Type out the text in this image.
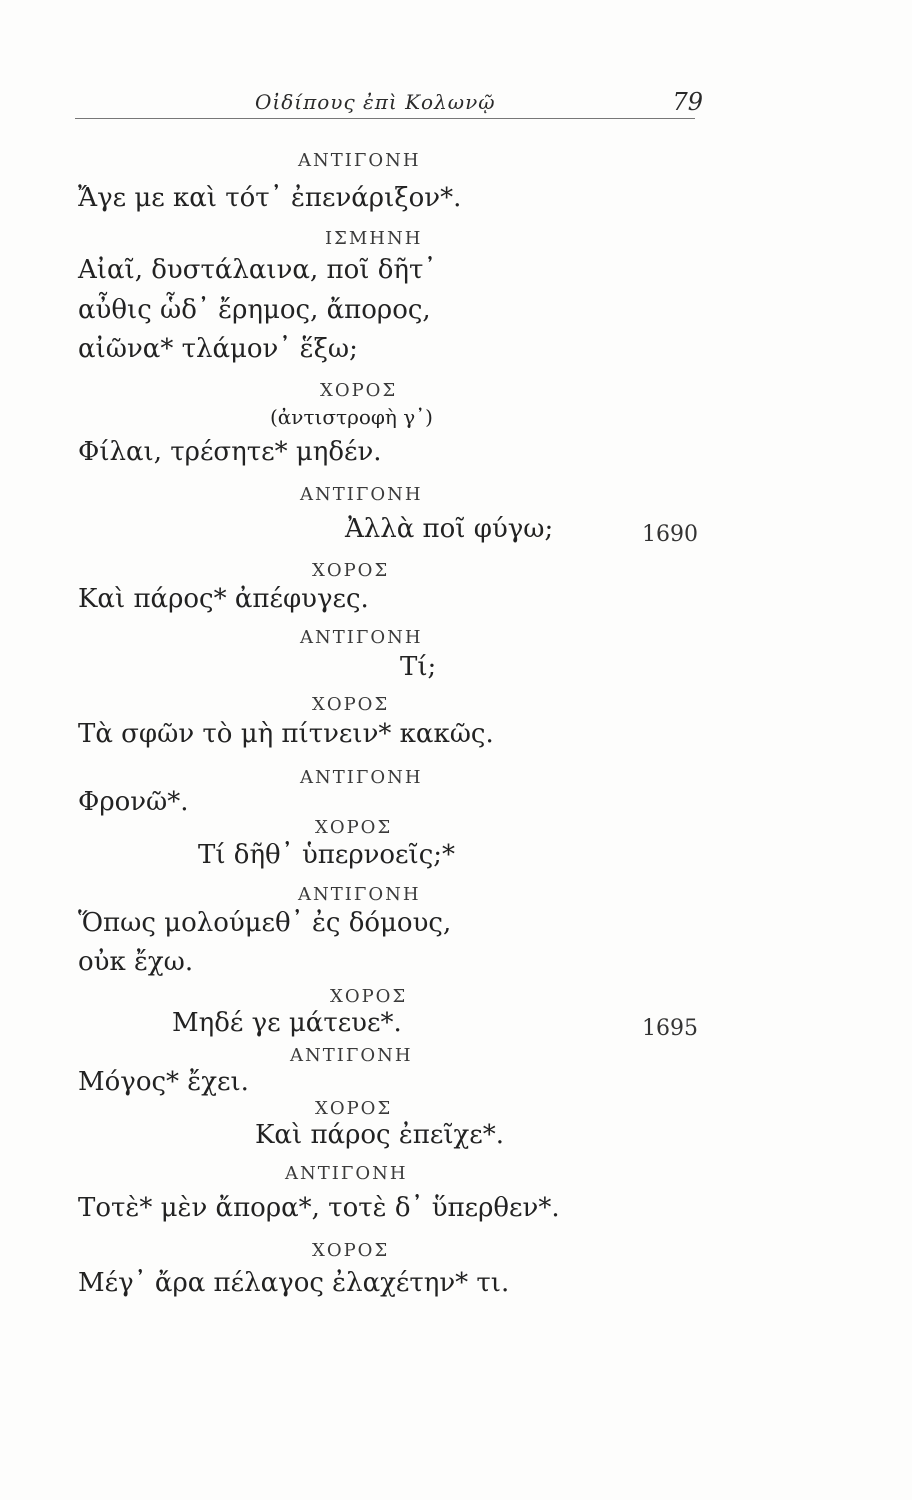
Οἰδίπους ἐπὶ Κολωνῷ	79
ΑΝΤΙΓΟΝΗ
Ἄγε με καὶ τότ᾽ ἐπενάριξον*.
ΙΣΜΗΝΗ
Αἰαῖ, δυστάλαινα, ποῖ δῆτ᾽
αὖθις ὧδ᾽ ἔρημος, ἄπορος,
αἰῶνα* τλάμον᾽ ἕξω;
ΧΟΡΟΣ
(ἀντιστροφὴ γ᾽)
Φίλαι, τρέσητε* μηδέν.
ΑΝΤΙΓΟΝΗ
Ἀλλὰ ποῖ φύγω;	1690
ΧΟΡΟΣ
Καὶ πάρος* ἀπέφυγες.
ΑΝΤΙΓΟΝΗ
Τί;
ΧΟΡΟΣ
Τὰ σφῶν τὸ μὴ πίτνειν* κακῶς.
ΑΝΤΙΓΟΝΗ
Φρονῶ*.
ΧΟΡΟΣ
Τί δῆθ᾽ ὑπερνοεῖς;*
ΑΝΤΙΓΟΝΗ
Ὅπως μολούμεθ᾽ ἐς δόμους,
οὐκ ἔχω.
ΧΟΡΟΣ
Μηδέ γε μάτευε*.	1695
ΑΝΤΙΓΟΝΗ
Μόγος* ἔχει.
ΧΟΡΟΣ
Καὶ πάρος ἐπεῖχε*.
ΑΝΤΙΓΟΝΗ
Τοτὲ* μὲν ἄπορα*, τοτὲ δ᾽ ὕπερθεν*.
ΧΟΡΟΣ
Μέγ᾽ ἄρα πέλαγος ἐλαχέτην* τι.
